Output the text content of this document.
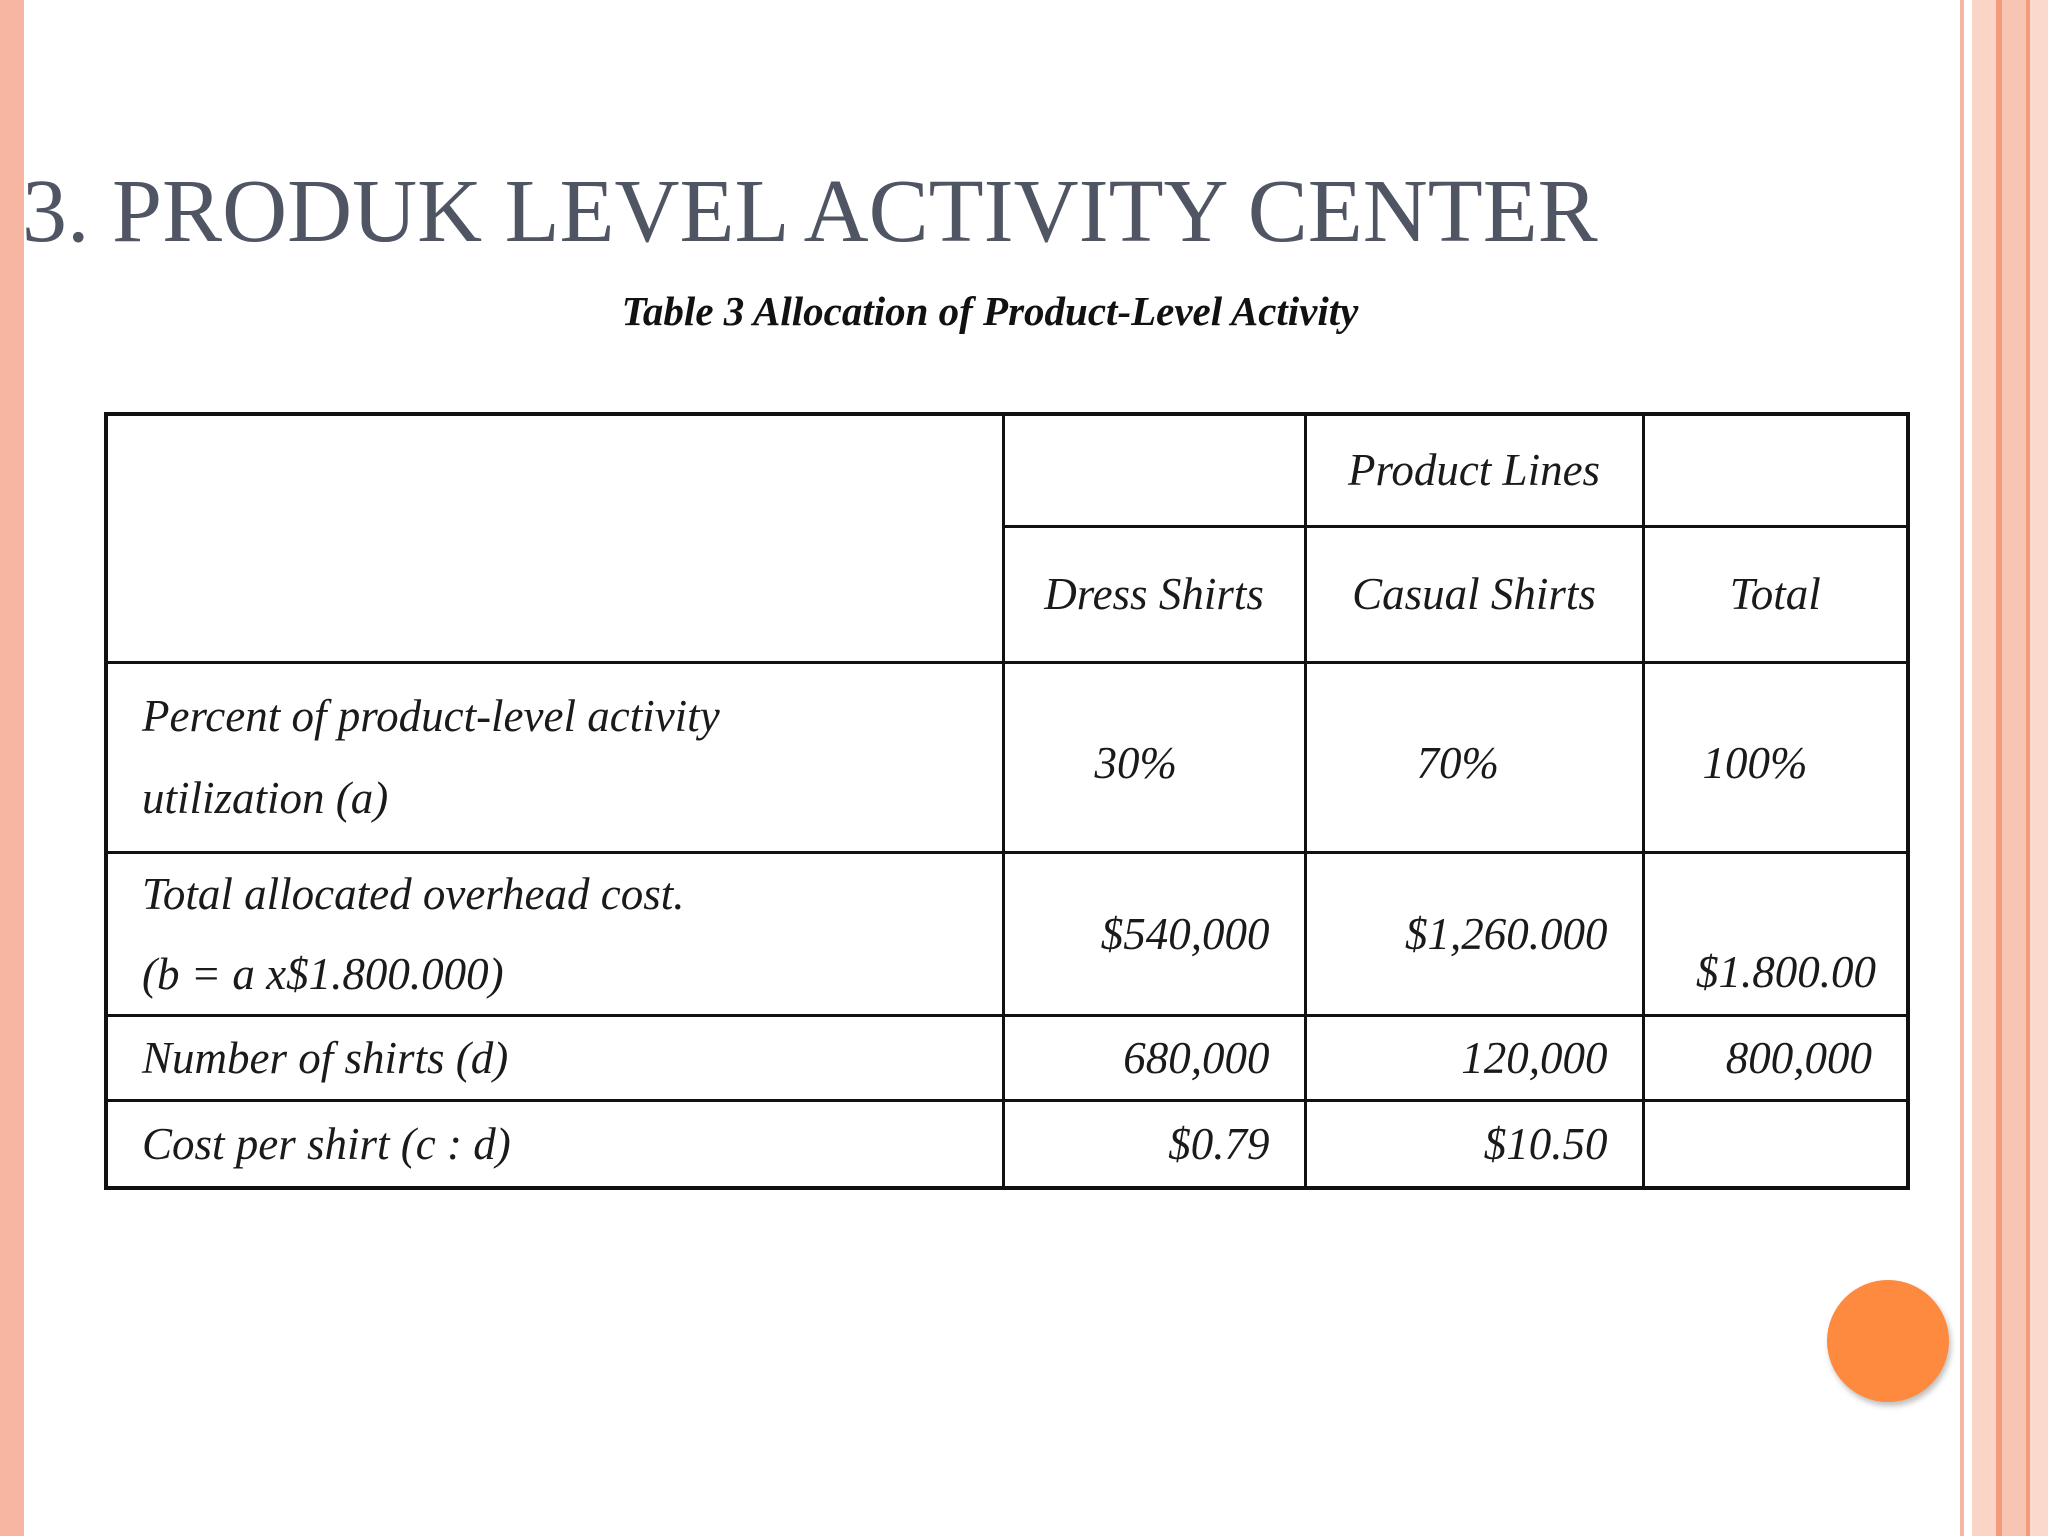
3. PRODUK LEVEL ACTIVITY CENTER
Table 3 Allocation of Product-Level Activity
		Product Lines	
	Dress Shirts	Casual Shirts	Total

Percent of product-level activity
utilization (a)	30%	70%	100%

Total allocated overhead cost.
(b = a x$1.800.000)	$540,000	$1,260.000	$1.800.00
Number of shirts (d)	680,000	120,000	800,000
Cost per shirt (c : d)	$0.79	$10.50	
